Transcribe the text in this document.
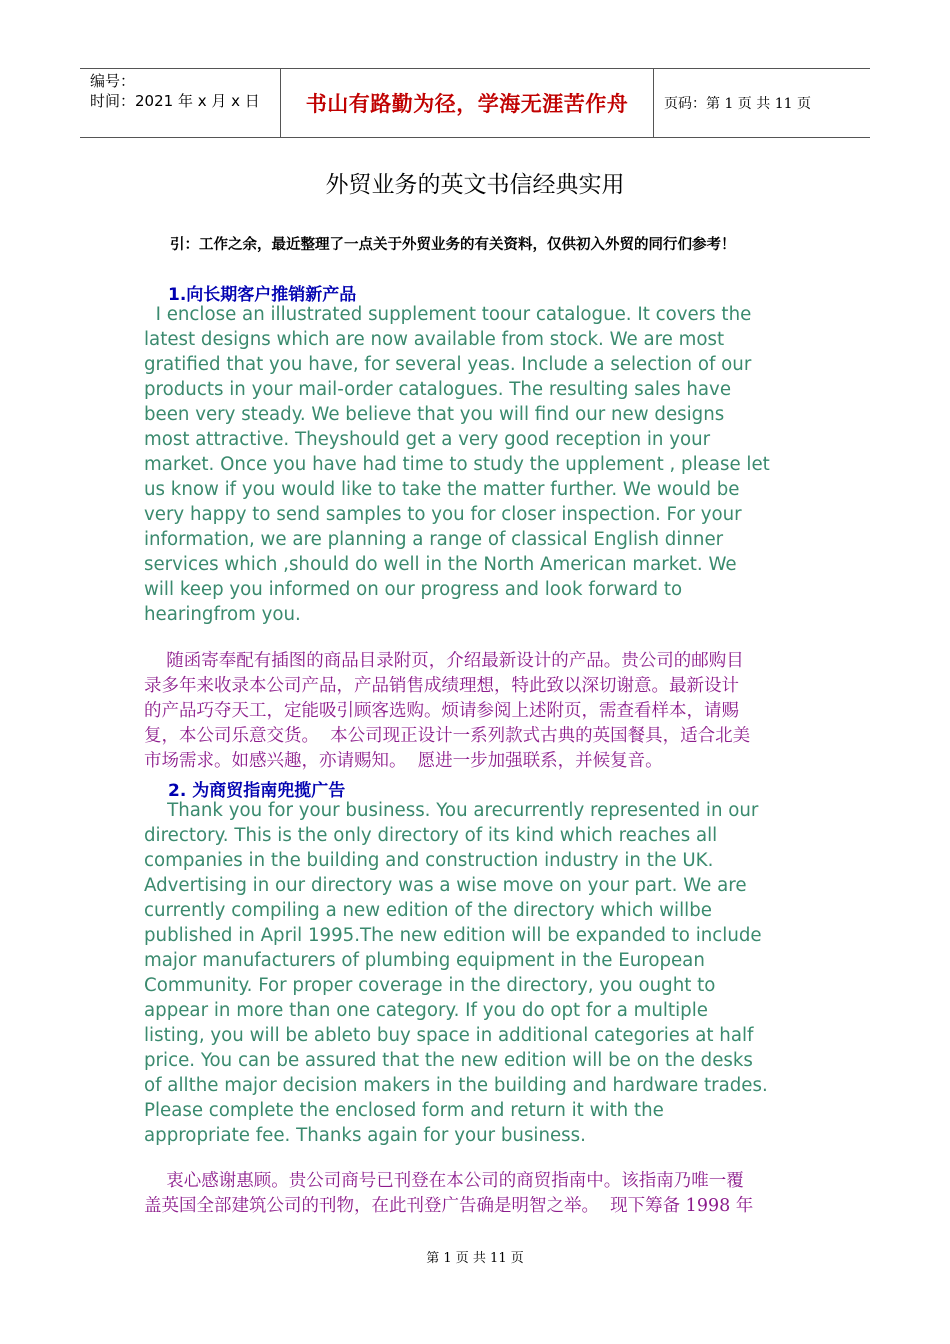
编号：
时间：2021 年 x 月 x 日	书山有路勤为径，学海无涯苦作舟	页码：第 1 页 共 11 页
外贸业务的英文书信经典实用
引：工作之余，最近整理了一点关于外贸业务的有关资料，仅供初入外贸的同行们参考！
1.向长期客户推销新产品
I enclose an illustrated supplement toour catalogue. It covers the
latest designs which are now available from stock. We are most
gratified that you have, for several yeas. Include a selection of our
products in your mail-order catalogues. The resulting sales have
been very steady. We believe that you will find our new designs
most attractive. Theyshould get a very good reception in your
market. Once you have had time to study the upplement , please let
us know if you would like to take the matter further. We would be
very happy to send samples to you for closer inspection. For your
information, we are planning a range of classical English dinner
services which ,should do well in the North American market. We
will keep you informed on our progress and look forward to
hearingfrom you.
随函寄奉配有插图的商品目录附页，介绍最新设计的产品。贵公司的邮购目
录多年来收录本公司产品，产品销售成绩理想，特此致以深切谢意。最新设计
的产品巧夺天工，定能吸引顾客选购。烦请参阅上述附页，需查看样本，请赐
复，本公司乐意交货。  本公司现正设计一系列款式古典的英国餐具，适合北美
市场需求。如感兴趣，亦请赐知。  愿进一步加强联系，并候复音。
2. 为商贸指南兜揽广告
Thank you for your business. You arecurrently represented in our
directory. This is the only directory of its kind which reaches all
companies in the building and construction industry in the UK.
Advertising in our directory was a wise move on your part. We are
currently compiling a new edition of the directory which willbe
published in April 1995.The new edition will be expanded to include
major manufacturers of plumbing equipment in the European
Community. For proper coverage in the directory, you ought to
appear in more than one category. If you do opt for a multiple
listing, you will be ableto buy space in additional categories at half
price. You can be assured that the new edition will be on the desks
of allthe major decision makers in the building and hardware trades.
Please complete the enclosed form and return it with the
appropriate fee. Thanks again for your business.
衷心感谢惠顾。贵公司商号已刊登在本公司的商贸指南中。该指南乃唯一覆
盖英国全部建筑公司的刊物，在此刊登广告确是明智之举。  现下筹备 1998 年
第 1 页 共 11 页
